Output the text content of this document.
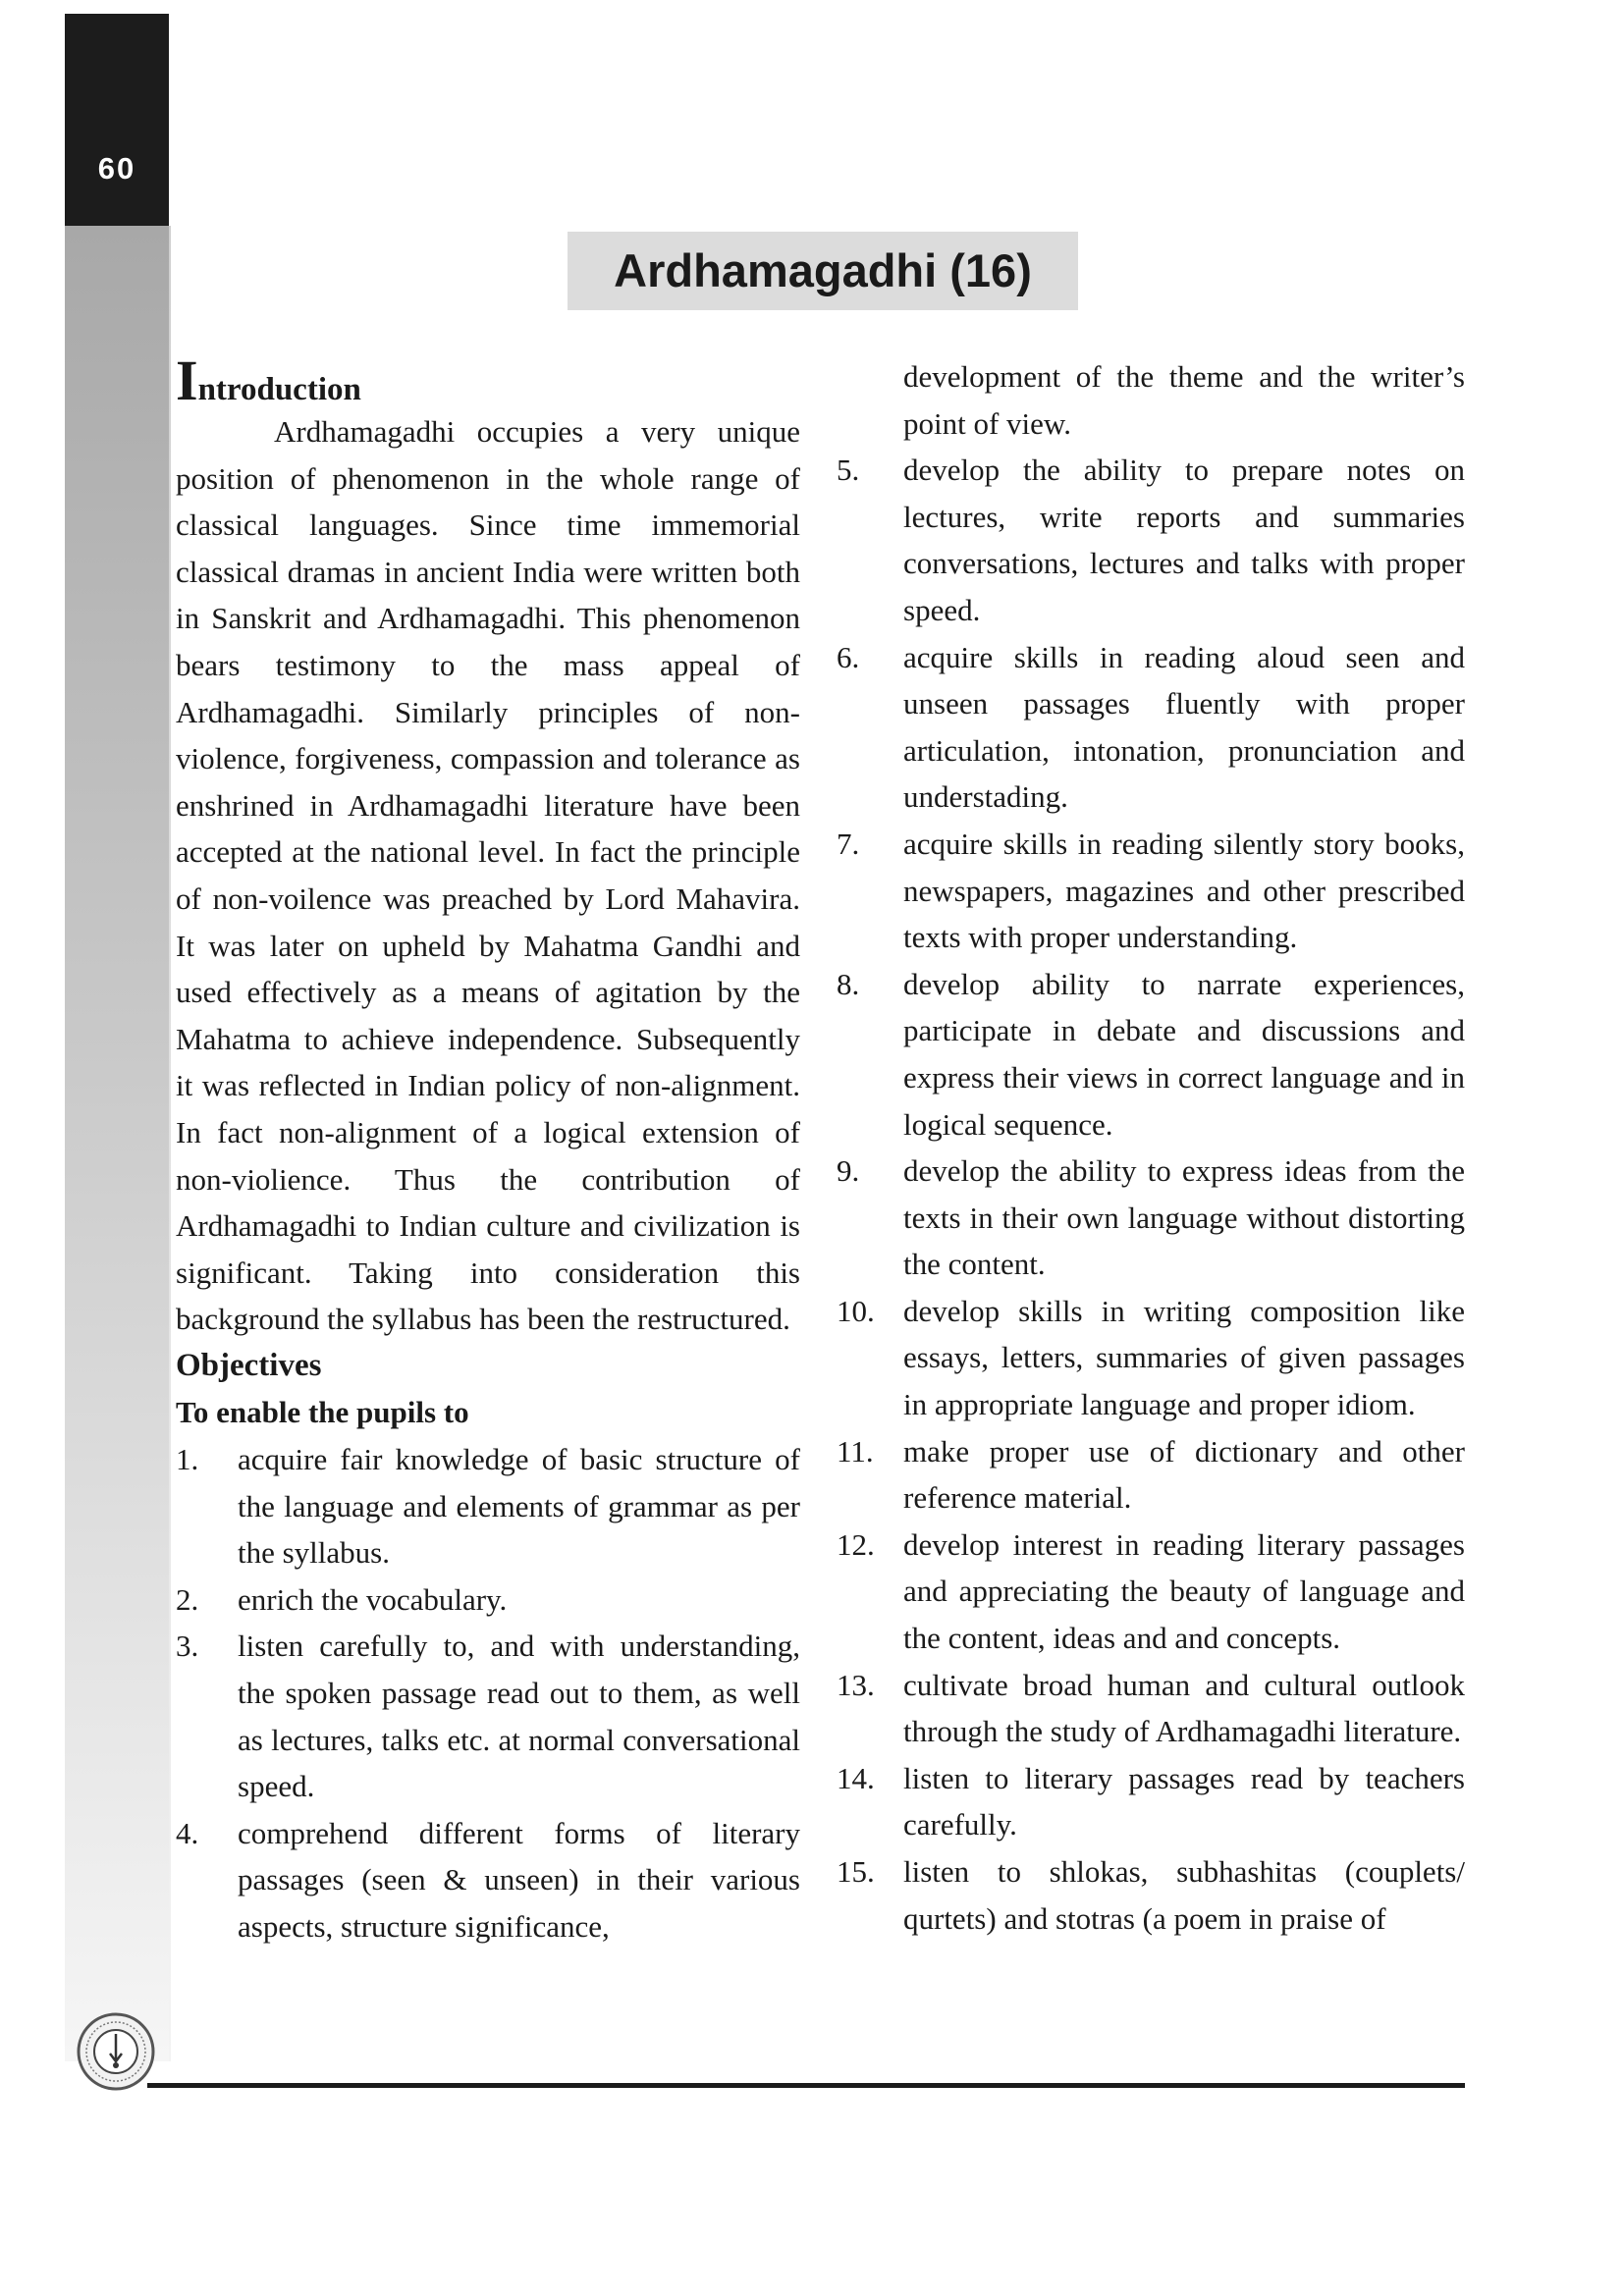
60
Ardhamagadhi (16)
Introduction

Ardhamagadhi occupies a very unique position of phenomenon in the whole range of classical languages. Since time immemorial classical dramas in ancient India were written both in Sanskrit and Ardhamagadhi. This phenomenon bears testimony to the mass appeal of Ardhamagadhi. Similarly principles of non-violence, forgiveness, compassion and tolerance as enshrined in Ardhamagadhi literature have been accepted at the national level. In fact the principle of non-voilence was preached by Lord Mahavira. It was later on upheld by Mahatma Gandhi and used effectively as a means of agitation by the Mahatma to achieve independence. Subsequently it was reflected in Indian policy of non-alignment. In fact non-alignment of a logical extension of non-violience. Thus the contribution of Ardhamagadhi to Indian culture and civilization is significant. Taking into consideration this background the syllabus has been the restructured.

Objectives
To enable the pupils to
1.	acquire fair knowledge of basic structure of the language and elements of grammar as per the syllabus.
2.	enrich the vocabulary.
3.	listen carefully to, and with understanding, the spoken passage read out to them, as well as lectures, talks etc. at normal conversational speed.
4.	comprehend different forms of literary passages (seen & unseen) in their various aspects, structure significance,
development of the theme and the writer’s point of view.
5.	develop the ability to prepare notes on lectures, write reports and summaries conversations, lectures and talks with proper speed.
6.	acquire skills in reading aloud seen and unseen passages fluently with proper articulation, intonation, pronunciation and understading.
7.	acquire skills in reading silently story books, newspapers, magazines and other prescribed texts with proper understanding.
8.	develop ability to narrate experiences, participate in debate and discussions and express their views in correct language and in logical sequence.
9.	develop the ability to express ideas from the texts in their own language without distorting the content.
10. develop skills in writing composition like essays, letters, summaries of given passages in appropriate language and proper idiom.
11. make proper use of dictionary and other reference material.
12. develop interest in reading literary passages and appreciating the beauty of language and the content, ideas and and concepts.
13. cultivate broad human and cultural outlook through the study of Ardhamagadhi literature.
14. listen to literary passages read by teachers carefully.
15. listen to shlokas, subhashitas (couplets/ qurtets) and stotras (a poem in praise of
